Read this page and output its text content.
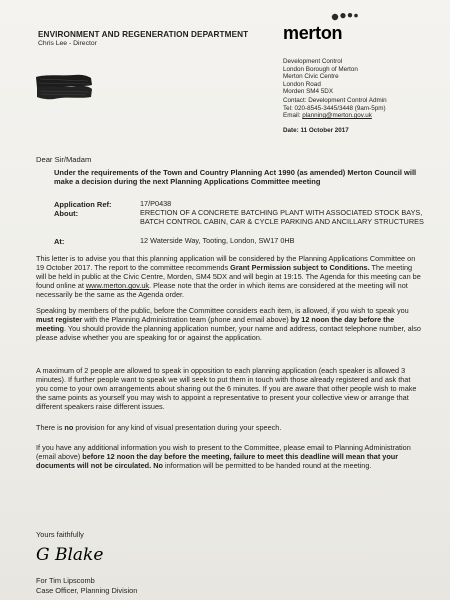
ENVIRONMENT AND REGENERATION DEPARTMENT
Chris Lee - Director
merton
Development Control
London Borough of Merton
Merton Civic Centre
London Road
Morden SM4 5DX
Contact: Development Control Admin
Tel: 020-8545-3445/3448 (9am-5pm)
Email: planning@merton.gov.uk
Date: 11 October 2017
Dear Sir/Madam
Under the requirements of the Town and Country Planning Act 1990 (as amended) Merton Council will make a decision during the next Planning Applications Committee meeting
Application Ref:	17/P0438
About:	ERECTION OF A CONCRETE BATCHING PLANT WITH ASSOCIATED STOCK BAYS, BATCH CONTROL CABIN, CAR & CYCLE PARKING AND ANCILLARY STRUCTURES
At:	12 Waterside Way, Tooting, London, SW17 0HB
This letter is to advise you that this planning application will be considered by the Planning Applications Committee on 19 October 2017. The report to the committee recommends Grant Permission subject to Conditions. The meeting will be held in public at the Civic Centre, Morden, SM4 5DX and will begin at 19:15. The Agenda for this meeting can be found online at www.merton.gov.uk. Please note that the order in which items are considered at the meeting will not necessarily be the same as the Agenda order.
Speaking by members of the public, before the Committee considers each item, is allowed, if you wish to speak you must register with the Planning Administration team (phone and email above) by 12 noon the day before the meeting. You should provide the planning application number, your name and address, contact telephone number, also please advise whether you are speaking for or against the application.
A maximum of 2 people are allowed to speak in opposition to each planning application (each speaker is allowed 3 minutes). If further people want to speak we will seek to put them in touch with those already registered and ask that you come to your own arrangements about sharing out the 6 minutes. If you are aware that other people wish to make the same points as yourself you may wish to appoint a representative to present your collective view or arrange that different speakers raise different issues.
There is no provision for any kind of visual presentation during your speech.
If you have any additional information you wish to present to the Committee, please email to Planning Administration (email above) before 12 noon the day before the meeting, failure to meet this deadline will mean that your documents will not be circulated. No information will be permitted to be handed round at the meeting.
Yours faithfully
G Blake
For Tim Lipscomb
Case Officer, Planning Division
